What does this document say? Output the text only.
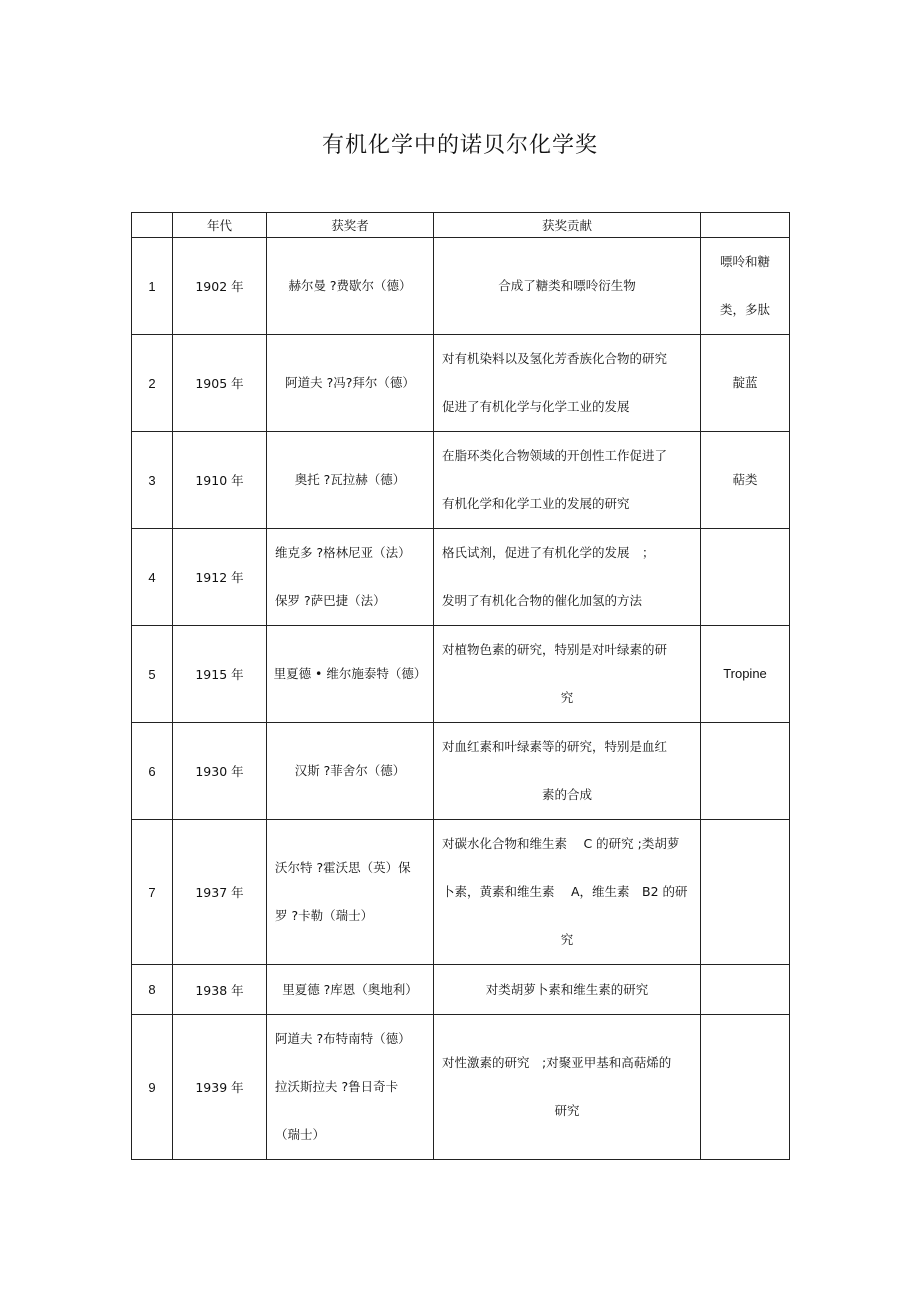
有机化学中的诺贝尔化学奖
	年代	获奖者	获奖贡献	
1	1902 年	赫尔曼 ?费歇尔（德）	合成了糖类和嘌呤衍生物	嘌呤和糖
类，多肽

2	1905 年	阿道夫 ?冯?拜尔（德）	对有机染料以及氢化芳香族化合物的研究
促进了有机化学与化学工业的发展	靛蓝

3	1910 年	奥托 ?瓦拉赫（德）	在脂环类化合物领域的开创性工作促进了
有机化学和化学工业的发展的研究	萜类

4	1912 年	维克多 ?格林尼亚（法）
保罗 ?萨巴捷（法）	格氏试剂，促进了有机化学的发展　；
发明了有机化合物的催化加氢的方法	

5	1915 年	里夏德 • 维尔施泰特（德）	对植物色素的研究，特别是对叶绿素的研
究	Tropine

6	1930 年	汉斯 ?菲舍尔（德）	对血红素和叶绿素等的研究，特别是血红
素的合成	

7	1937 年	沃尔特 ?霍沃思（英）保
罗 ?卡勒（瑞士）	对碳水化合物和维生素　 C 的研究 ;类胡萝
卜素，黄素和维生素　 A，维生素　B2 的研
究	

8	1938 年	里夏德 ?库恩（奥地利）	对类胡萝卜素和维生素的研究	

9	1939 年	阿道夫 ?布特南特（德）
拉沃斯拉夫 ?鲁日奇卡
（瑞士）	对性激素的研究　;对聚亚甲基和高萜烯的
研究	
